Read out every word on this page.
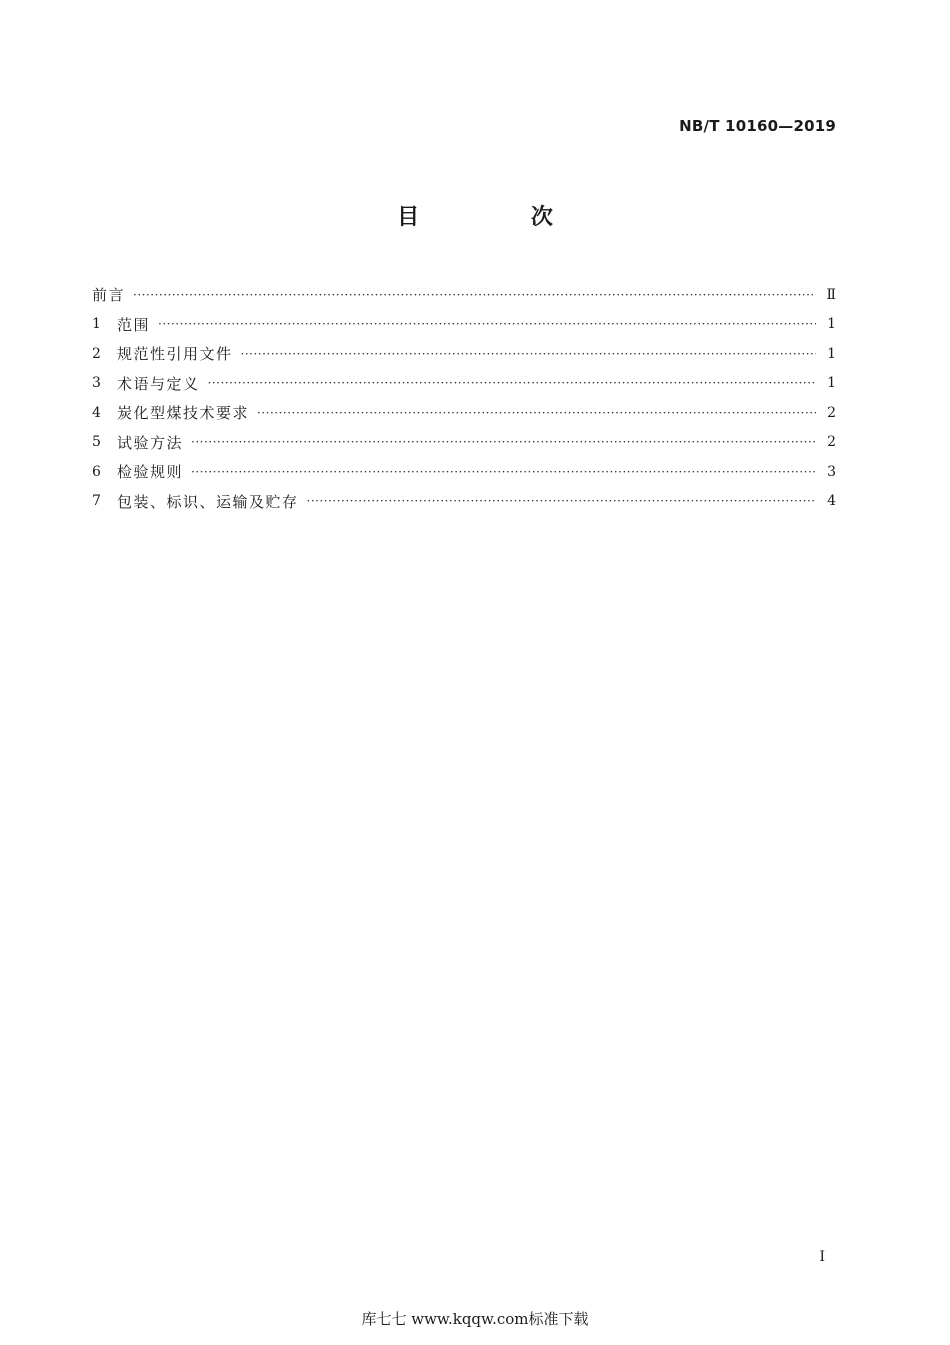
NB/T 10160—2019
目 次
前言 ·····	Ⅱ
1	范围 ·····	1
2	规范性引用文件 ·····	1
3	术语与定义 ·····	1
4	炭化型煤技术要求 ·····	2
5	试验方法 ·····	2
6	检验规则 ·····	3
7	包装、标识、运输及贮存 ·····	4
I
库七七 www.kqqw.com标准下载
